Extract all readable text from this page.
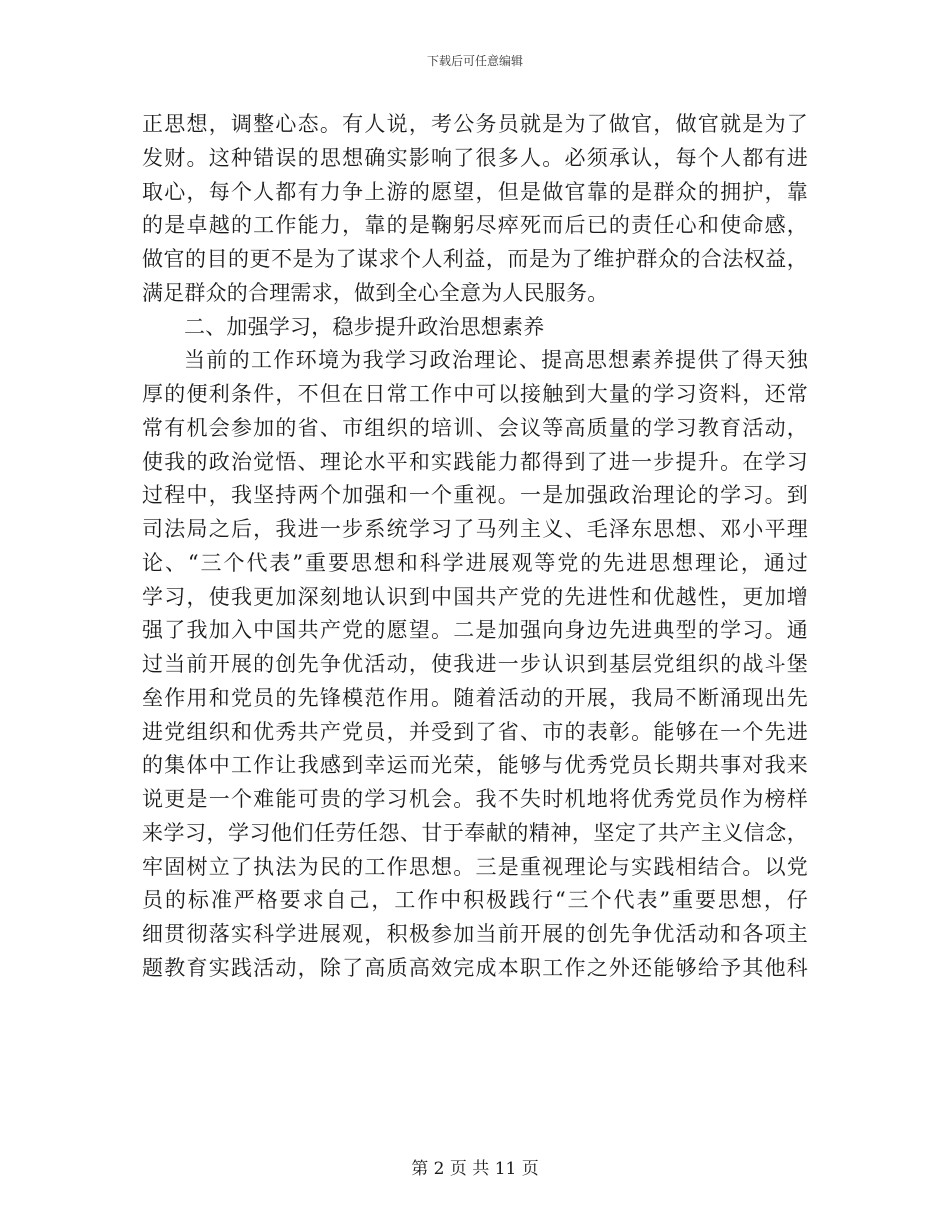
下载后可任意编辑
正思想，调整心态。有人说，考公务员就是为了做官，做官就是为了
发财。这种错误的思想确实影响了很多人。必须承认，每个人都有进
取心，每个人都有力争上游的愿望，但是做官靠的是群众的拥护，靠
的是卓越的工作能力，靠的是鞠躬尽瘁死而后已的责任心和使命感，
做官的目的更不是为了谋求个人利益，而是为了维护群众的合法权益，
满足群众的合理需求，做到全心全意为人民服务。
二、加强学习，稳步提升政治思想素养
当前的工作环境为我学习政治理论、提高思想素养提供了得天独
厚的便利条件，不但在日常工作中可以接触到大量的学习资料，还常
常有机会参加的省、市组织的培训、会议等高质量的学习教育活动，
使我的政治觉悟、理论水平和实践能力都得到了进一步提升。在学习
过程中，我坚持两个加强和一个重视。一是加强政治理论的学习。到
司法局之后，我进一步系统学习了马列主义、毛泽东思想、邓小平理
论、“三个代表”重要思想和科学进展观等党的先进思想理论，通过
学习，使我更加深刻地认识到中国共产党的先进性和优越性，更加增
强了我加入中国共产党的愿望。二是加强向身边先进典型的学习。通
过当前开展的创先争优活动，使我进一步认识到基层党组织的战斗堡
垒作用和党员的先锋模范作用。随着活动的开展，我局不断涌现出先
进党组织和优秀共产党员，并受到了省、市的表彰。能够在一个先进
的集体中工作让我感到幸运而光荣，能够与优秀党员长期共事对我来
说更是一个难能可贵的学习机会。我不失时机地将优秀党员作为榜样
来学习，学习他们任劳任怨、甘于奉献的精神，坚定了共产主义信念，
牢固树立了执法为民的工作思想。三是重视理论与实践相结合。以党
员的标准严格要求自己，工作中积极践行“三个代表”重要思想，仔
细贯彻落实科学进展观，积极参加当前开展的创先争优活动和各项主
题教育实践活动，除了高质高效完成本职工作之外还能够给予其他科
第 2 页 共 11 页
